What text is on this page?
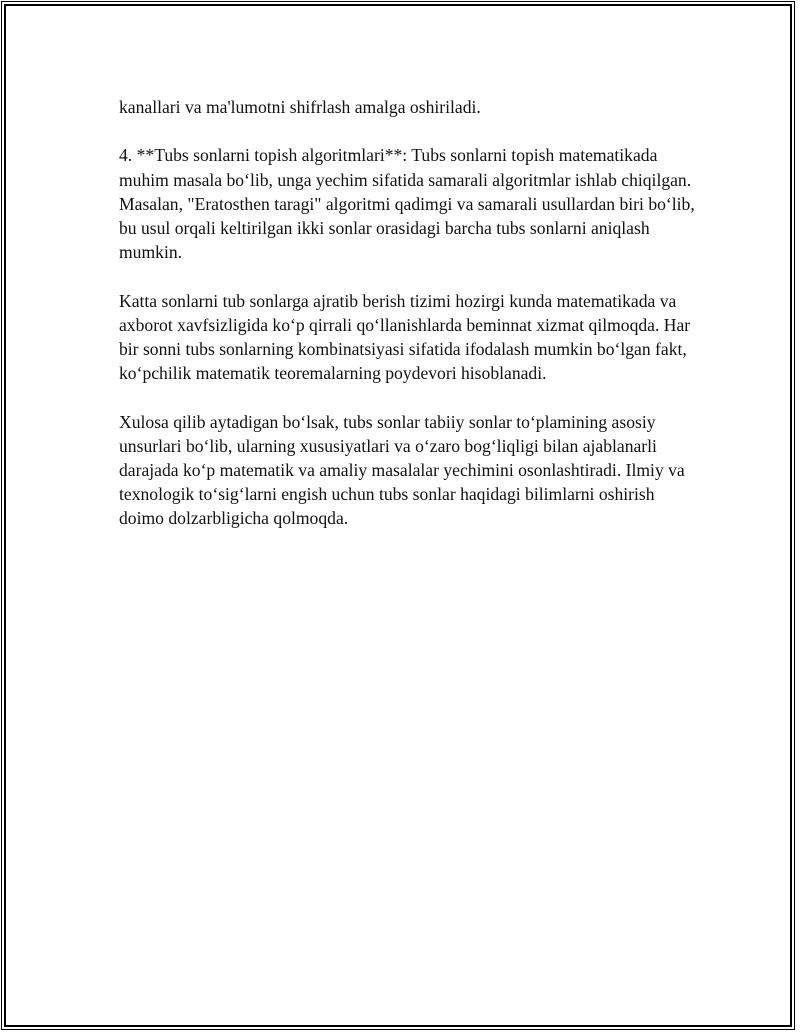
kanallari va ma'lumotni shifrlash amalga oshiriladi.

4. **Tubs sonlarni topish algoritmlari**: Tubs sonlarni topish matematikada muhim masala bo‘lib, unga yechim sifatida samarali algoritmlar ishlab chiqilgan. Masalan, "Eratosthen taragi" algoritmi qadimgi va samarali usullardan biri bo‘lib, bu usul orqali keltirilgan ikki sonlar orasidagi barcha tubs sonlarni aniqlash mumkin.

Katta sonlarni tub sonlarga ajratib berish tizimi hozirgi kunda matematikada va axborot xavfsizligida ko‘p qirrali qo‘llanishlarda beminnat xizmat qilmoqda. Har bir sonni tubs sonlarning kombinatsiyasi sifatida ifodalash mumkin bo‘lgan fakt, ko‘pchilik matematik teoremalarning poydevori hisoblanadi.

Xulosa qilib aytadigan bo‘lsak, tubs sonlar tabiiy sonlar to‘plamining asosiy unsurlari bo‘lib, ularning xususiyatlari va o‘zaro bog‘liqligi bilan ajablanarli darajada ko‘p matematik va amaliy masalalar yechimini osonlashtiradi. Ilmiy va texnologik to‘sig‘larni engish uchun tubs sonlar haqidagi bilimlarni oshirish doimo dolzarbligicha qolmoqda.
